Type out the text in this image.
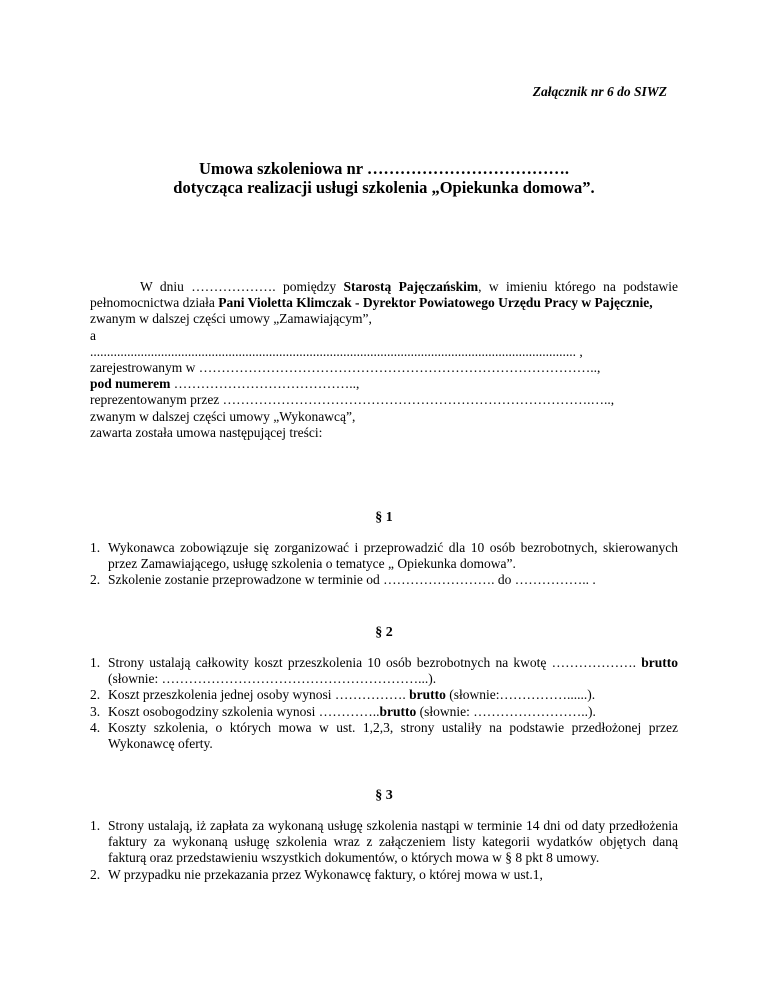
Załącznik nr 6 do SIWZ
Umowa szkoleniowa nr ……………………………….
dotycząca realizacji usługi szkolenia „Opiekunka domowa”.

W dniu ………………. pomiędzy Starostą Pajęczańskim, w imieniu którego na podstawie pełnomocnictwa działa Pani Violetta Klimczak - Dyrektor Powiatowego Urzędu Pracy w Pajęcznie,

zwanym w dalszej części umowy „Zamawiającym”,

a

................................................................................................................................................ ,

zarejestrowanym w ……………………………………………………………………………..,

pod numerem …………………………………..,

reprezentowanym przez ……………………………………………………………………….…..,

zwanym w dalszej części umowy „Wykonawcą”,

zawarta została umowa następującej treści:

§ 1
1. Wykonawca zobowiązuje się zorganizować i przeprowadzić dla 10 osób bezrobotnych, skierowanych przez Zamawiającego, usługę szkolenia o tematyce „ Opiekunka domowa”.
2. Szkolenie zostanie przeprowadzone w terminie od ……………………. do …………….. .
§ 2
1. Strony ustalają całkowity koszt przeszkolenia 10 osób bezrobotnych na kwotę ………………. brutto (słownie: …………………………………………………...).
2. Koszt przeszkolenia jednej osoby wynosi ……………. brutto (słownie:……………......).
3. Koszt osobogodziny szkolenia wynosi …………..brutto (słownie: ……………………..).
4. Koszty szkolenia, o których mowa w ust. 1,2,3, strony ustaliły na podstawie przedłożonej przez Wykonawcę oferty.
§ 3
1. Strony ustalają, iż zapłata za wykonaną usługę szkolenia nastąpi w terminie 14 dni od daty przedłożenia faktury za wykonaną usługę szkolenia wraz z załączeniem listy kategorii wydatków objętych daną fakturą oraz przedstawieniu wszystkich dokumentów, o których mowa w § 8 pkt 8 umowy.
2. W przypadku nie przekazania przez Wykonawcę faktury, o której mowa w ust.1,
